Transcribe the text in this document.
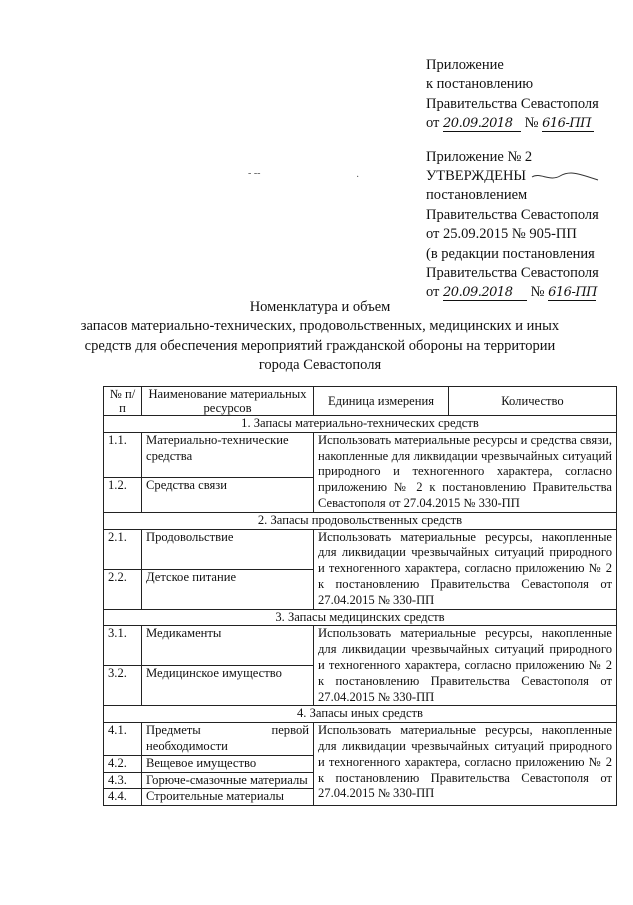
‐ ‐‑	·
Приложение
к постановлению
Правительства Севастополя
от 20.09.2018 № 616-ПП
Приложение № 2
УТВЕРЖДЕНЫ
постановлением
Правительства Севастополя
от 25.09.2015 № 905-ПП
(в редакции постановления
Правительства Севастополя
от 20.09.2018 № 616-ПП
Номенклатура и объем
запасов материально-технических, продовольственных, медицинских и иных
средств для обеспечения мероприятий гражданской обороны на территории
города Севастополя
№ п/п	Наименование материальных ресурсов	Единица измерения	Количество
1. Запасы материально-технических средств			
1.1.	Материально-технические средства	Использовать материальные ресурсы и средства связи, накопленные для ликвидации чрезвычайных ситуаций природного и техногенного характера, согласно приложению № 2 к постановлению Правительства Севастополя от 27.04.2015 № 330-ПП	
1.2.	Средства связи		
2. Запасы продовольственных средств			
2.1.	Продовольствие	Использовать материальные ресурсы, накопленные для ликвидации чрезвычайных ситуаций природного и техногенного характера, согласно приложению № 2 к постановлению Правительства Севастополя от 27.04.2015 № 330-ПП	
2.2.	Детское питание		
3. Запасы медицинских средств			
3.1.	Медикаменты	Использовать материальные ресурсы, накопленные для ликвидации чрезвычайных ситуаций природного и техногенного характера, согласно приложению № 2 к постановлению Правительства Севастополя от 27.04.2015 № 330-ПП	
3.2.	Медицинское имущество		
4. Запасы иных средств			
4.1.	Предметы первой необходимости	Использовать материальные ресурсы, накопленные для ликвидации чрезвычайных ситуаций природного и техногенного характера, согласно приложению № 2 к постановлению Правительства Севастополя от 27.04.2015 № 330-ПП	
4.2.	Вещевое имущество		
4.3.	Горюче-смазочные материалы		
4.4.	Строительные материалы		
